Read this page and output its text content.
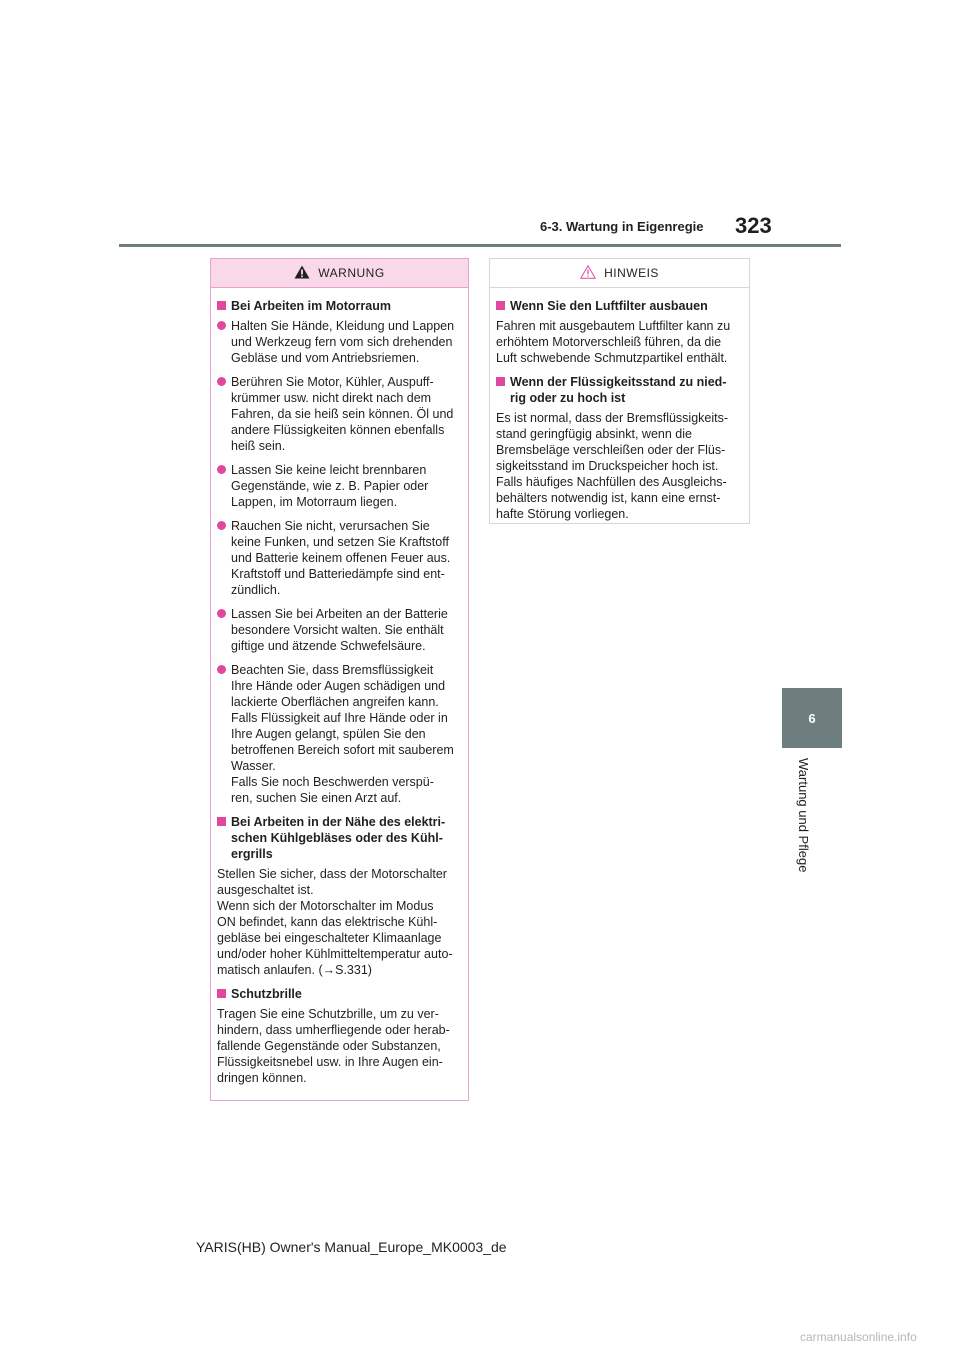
6-3. Wartung in Eigenregie 323
6
Wartung und Pflege
WARNUNG
Bei Arbeiten im Motorraum
Halten Sie Hände, Kleidung und Lappen
und Werkzeug fern vom sich drehenden
Gebläse und vom Antriebsriemen.
Berühren Sie Motor, Kühler, Auspuff-
krümmer usw. nicht direkt nach dem
Fahren, da sie heiß sein können. Öl und
andere Flüssigkeiten können ebenfalls
heiß sein.
Lassen Sie keine leicht brennbaren
Gegenstände, wie z. B. Papier oder
Lappen, im Motorraum liegen.
Rauchen Sie nicht, verursachen Sie
keine Funken, und setzen Sie Kraftstoff
und Batterie keinem offenen Feuer aus.
Kraftstoff und Batteriedämpfe sind ent-
zündlich.
Lassen Sie bei Arbeiten an der Batterie
besondere Vorsicht walten. Sie enthält
giftige und ätzende Schwefelsäure.
Beachten Sie, dass Bremsflüssigkeit
Ihre Hände oder Augen schädigen und
lackierte Oberflächen angreifen kann.
Falls Flüssigkeit auf Ihre Hände oder in
Ihre Augen gelangt, spülen Sie den
betroffenen Bereich sofort mit sauberem
Wasser.
Falls Sie noch Beschwerden verspü-
ren, suchen Sie einen Arzt auf.
Bei Arbeiten in der Nähe des elektri-
schen Kühlgebläses oder des Kühl-
ergrills
Stellen Sie sicher, dass der Motorschalter
ausgeschaltet ist.
Wenn sich der Motorschalter im Modus
ON befindet, kann das elektrische Kühl-
gebläse bei eingeschalteter Klimaanlage
und/oder hoher Kühlmitteltemperatur auto-
matisch anlaufen. (→S.331)
Schutzbrille
Tragen Sie eine Schutzbrille, um zu ver-
hindern, dass umherfliegende oder herab-
fallende Gegenstände oder Substanzen,
Flüssigkeitsnebel usw. in Ihre Augen ein-
dringen können.
HINWEIS
Wenn Sie den Luftfilter ausbauen
Fahren mit ausgebautem Luftfilter kann zu
erhöhtem Motorverschleiß führen, da die
Luft schwebende Schmutzpartikel enthält.
Wenn der Flüssigkeitsstand zu nied-
rig oder zu hoch ist
Es ist normal, dass der Bremsflüssigkeits-
stand geringfügig absinkt, wenn die
Bremsbeläge verschleißen oder der Flüs-
sigkeitsstand im Druckspeicher hoch ist.
Falls häufiges Nachfüllen des Ausgleichs-
behälters notwendig ist, kann eine ernst-
hafte Störung vorliegen.
YARIS(HB) Owner's Manual_Europe_MK0003_de
carmanualsonline.info
